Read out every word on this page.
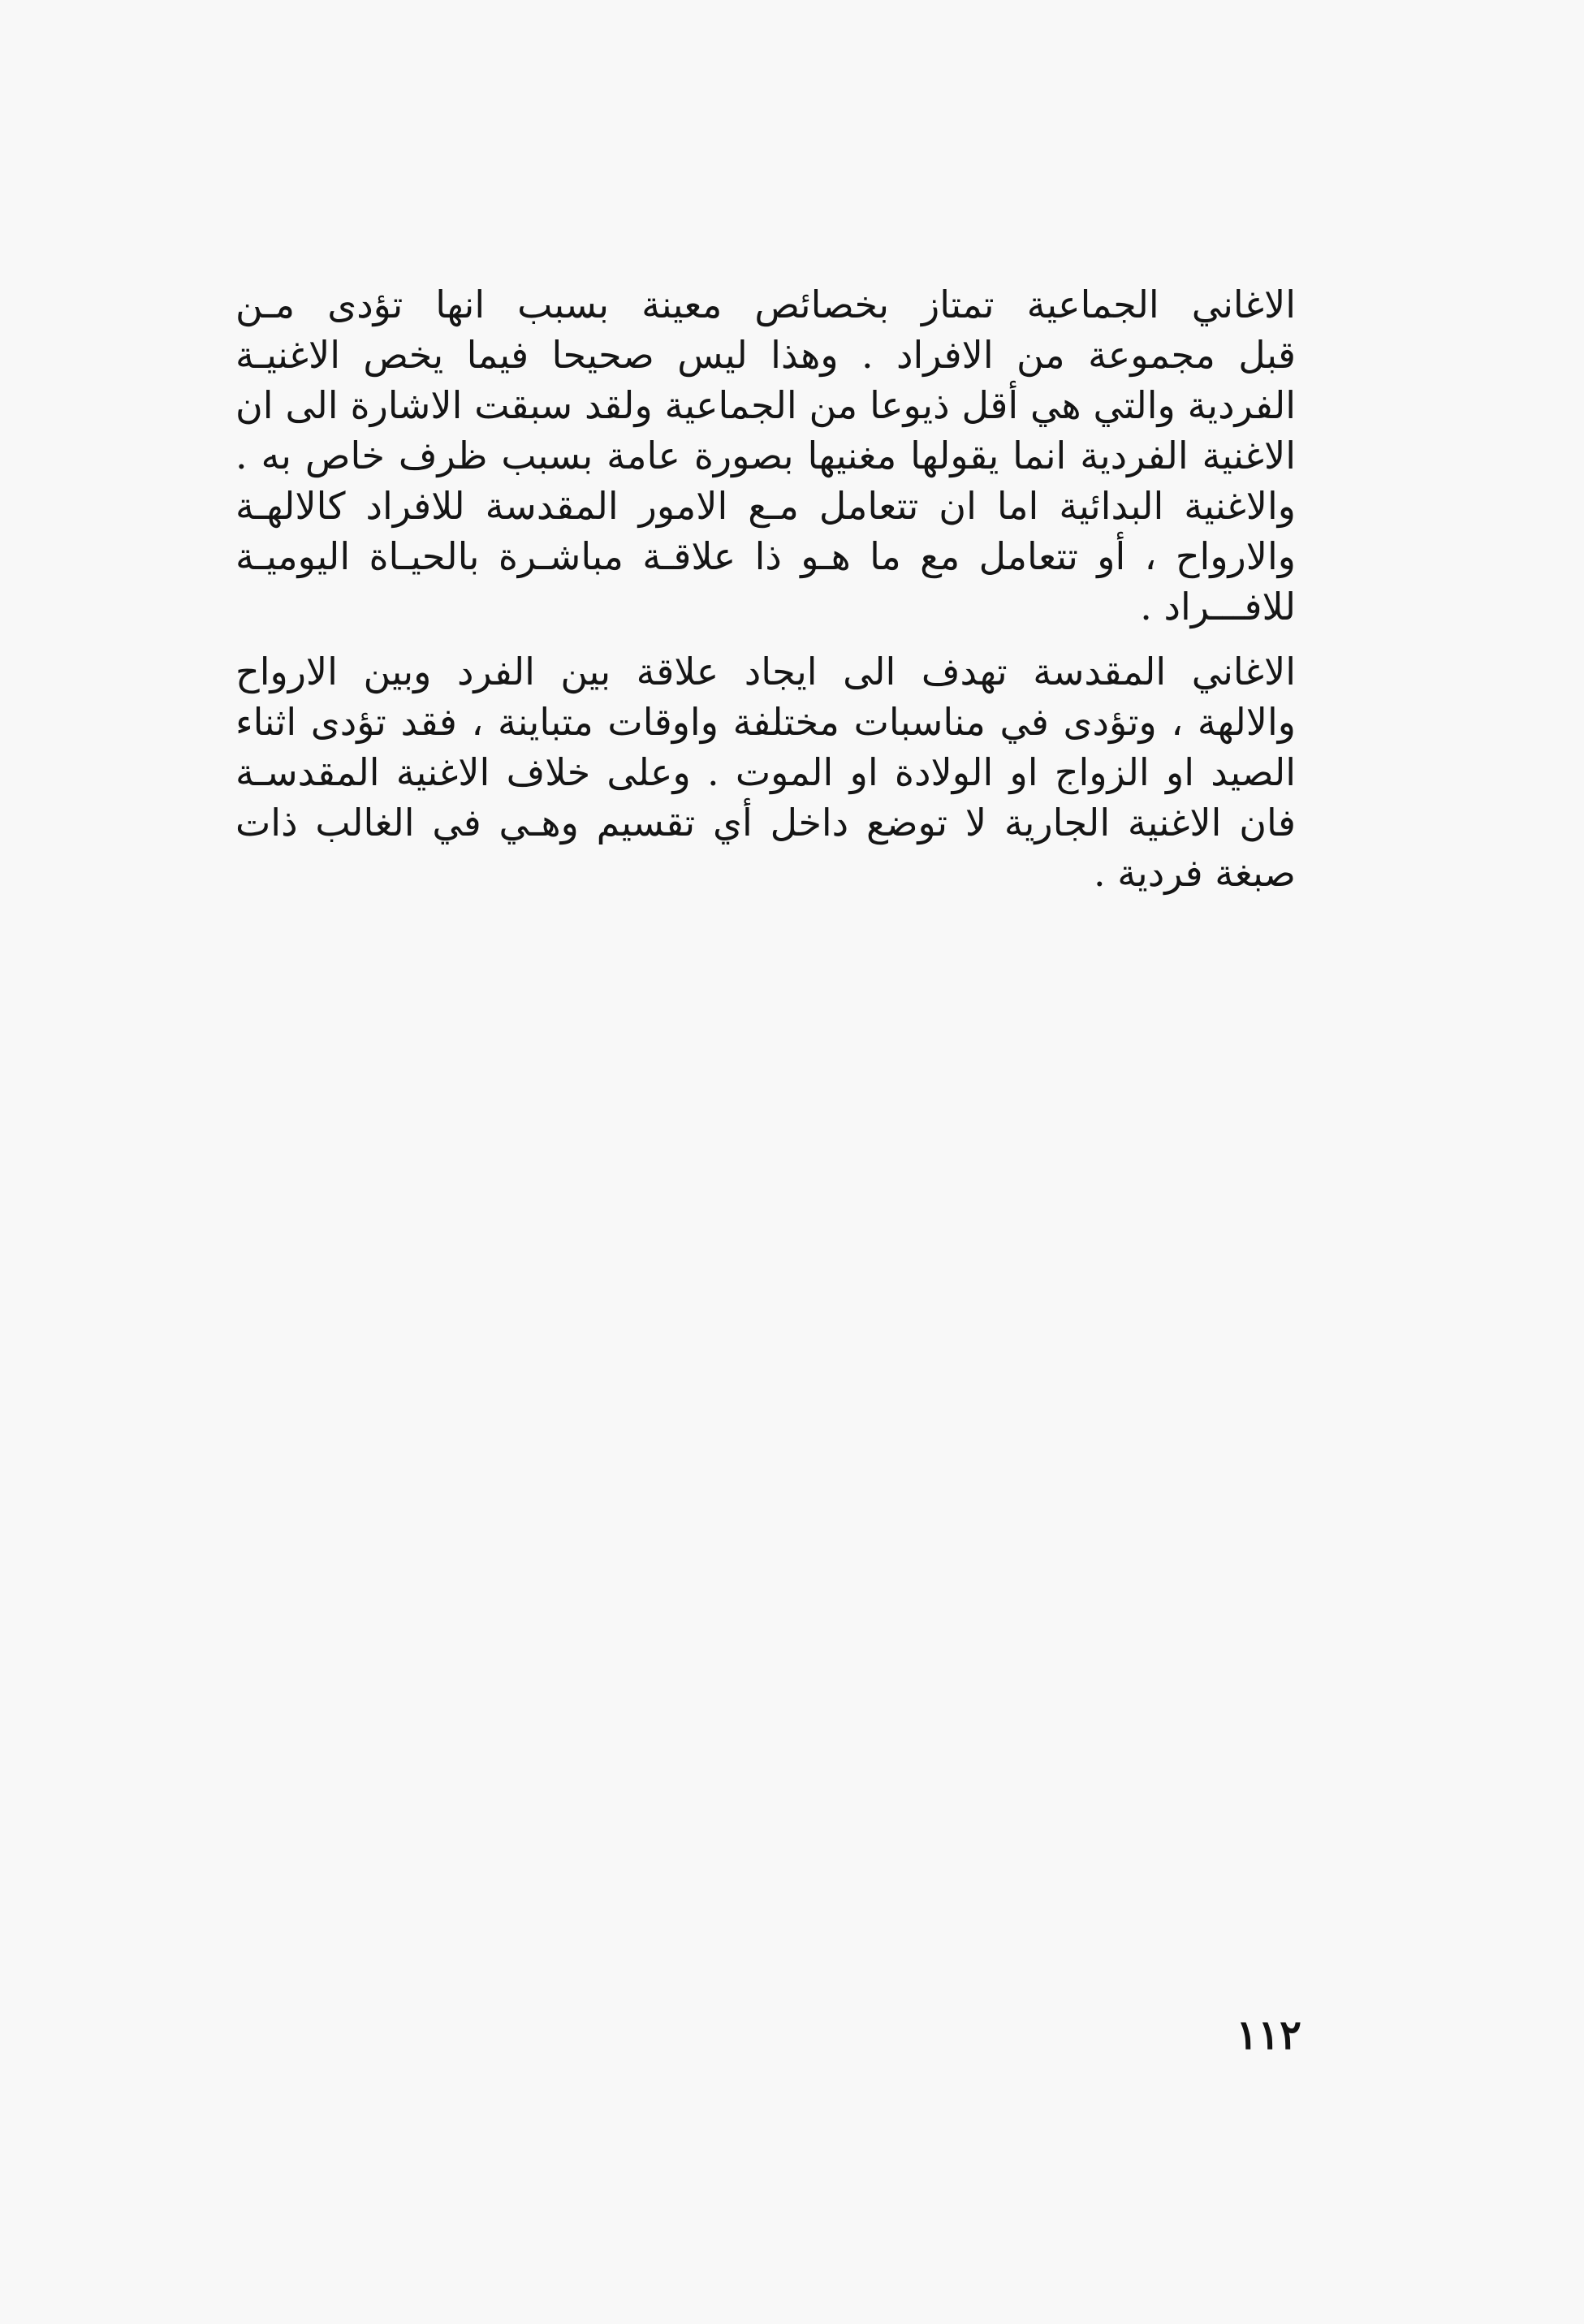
الاغاني الجماعية تمتاز بخصائص معينة بسبب انها تؤدى مـن
قبل مجموعة من الافراد . وهذا ليس صحيحا فيما يخص الاغنيـة
الفردية والتي هي أقل ذيوعا من الجماعية ولقد سبقت الاشارة الى ان
الاغنية الفردية انما يقولها مغنيها بصورة عامة بسبب ظرف خاص به .
والاغنية البدائية اما ان تتعامل مـع الامور المقدسة للافراد كالالهـة
والارواح ، أو تتعامل مع ما هـو ذا علاقـة مباشـرة بالحيـاة اليوميـة
للافـــراد .
الاغاني المقدسة تهدف الى ايجاد علاقة بين الفرد وبين الارواح
والالهة ، وتؤدى في مناسبات مختلفة واوقات متباينة ، فقد تؤدى اثناء
الصيد او الزواج او الولادة او الموت . وعلى خلاف الاغنية المقدسـة
فان الاغنية الجارية لا توضع داخل أي تقسيم وهـي في الغالب ذات
صبغة فردية .
١١٢
